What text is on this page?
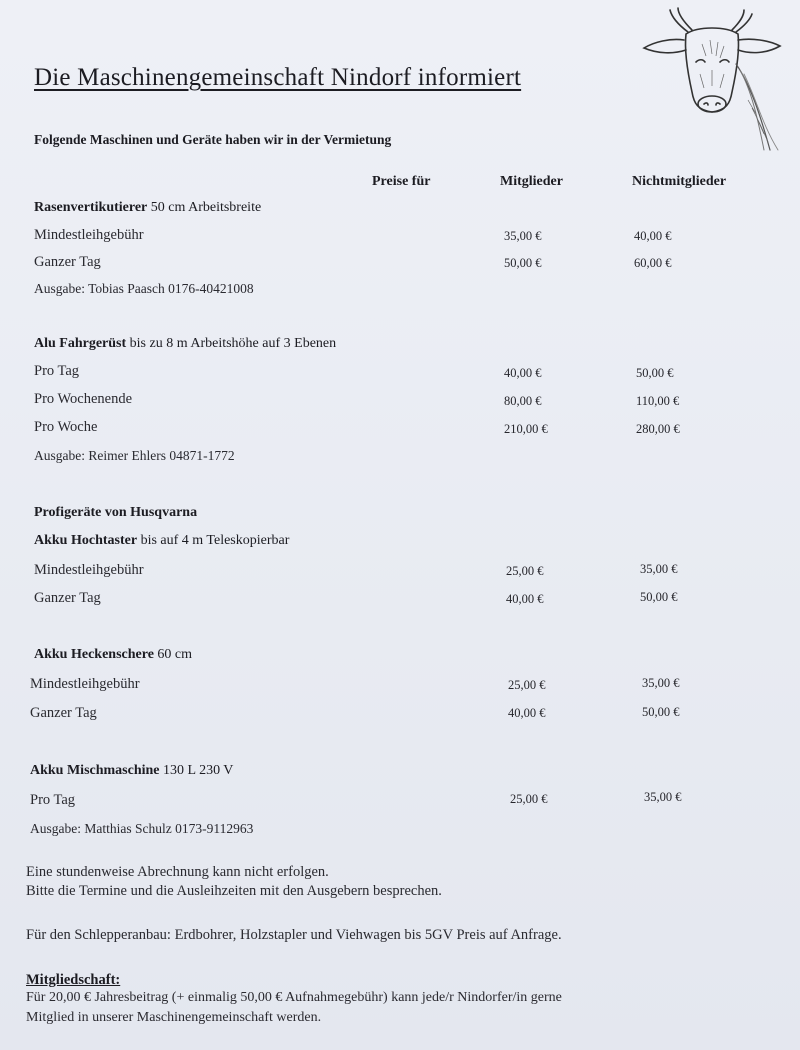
Die Maschinengemeinschaft Nindorf informiert
Folgende Maschinen und Geräte haben wir in der Vermietung
Preise für	Mitglieder	Nichtmitglieder
Rasenvertikutierer 50 cm Arbeitsbreite
Mindestleihgebühr	35,00 €	40,00 €
Ganzer Tag	50,00 €	60,00 €
Ausgabe: Tobias Paasch 0176-40421008
Alu Fahrgerüst bis zu 8 m Arbeitshöhe auf 3 Ebenen
Pro Tag	40,00 €	50,00 €
Pro Wochenende	80,00 €	110,00 €
Pro Woche	210,00 €	280,00 €
Ausgabe: Reimer Ehlers 04871-1772
Profigeräte von Husqvarna
Akku Hochtaster bis auf 4 m Teleskopierbar
Mindestleihgebühr	25,00 €	35,00 €
Ganzer Tag	40,00 €	50,00 €
Akku Heckenschere 60 cm
Mindestleihgebühr	25,00 €	35,00 €
Ganzer Tag	40,00 €	50,00 €
Akku Mischmaschine 130 L 230 V
Pro Tag	25,00 €	35,00 €
Ausgabe: Matthias Schulz 0173-9112963
Eine stundenweise Abrechnung kann nicht erfolgen.
Bitte die Termine und die Ausleihzeiten mit den Ausgebern besprechen.
Für den Schlepperanbau: Erdbohrer, Holzstapler und Viehwagen bis 5GV Preis auf Anfrage.
Mitgliedschaft:
Für 20,00 € Jahresbeitrag (+ einmalig 50,00 € Aufnahmegebühr) kann jede/r Nindorfer/in gerne
Mitglied in unserer Maschinengemeinschaft werden.
